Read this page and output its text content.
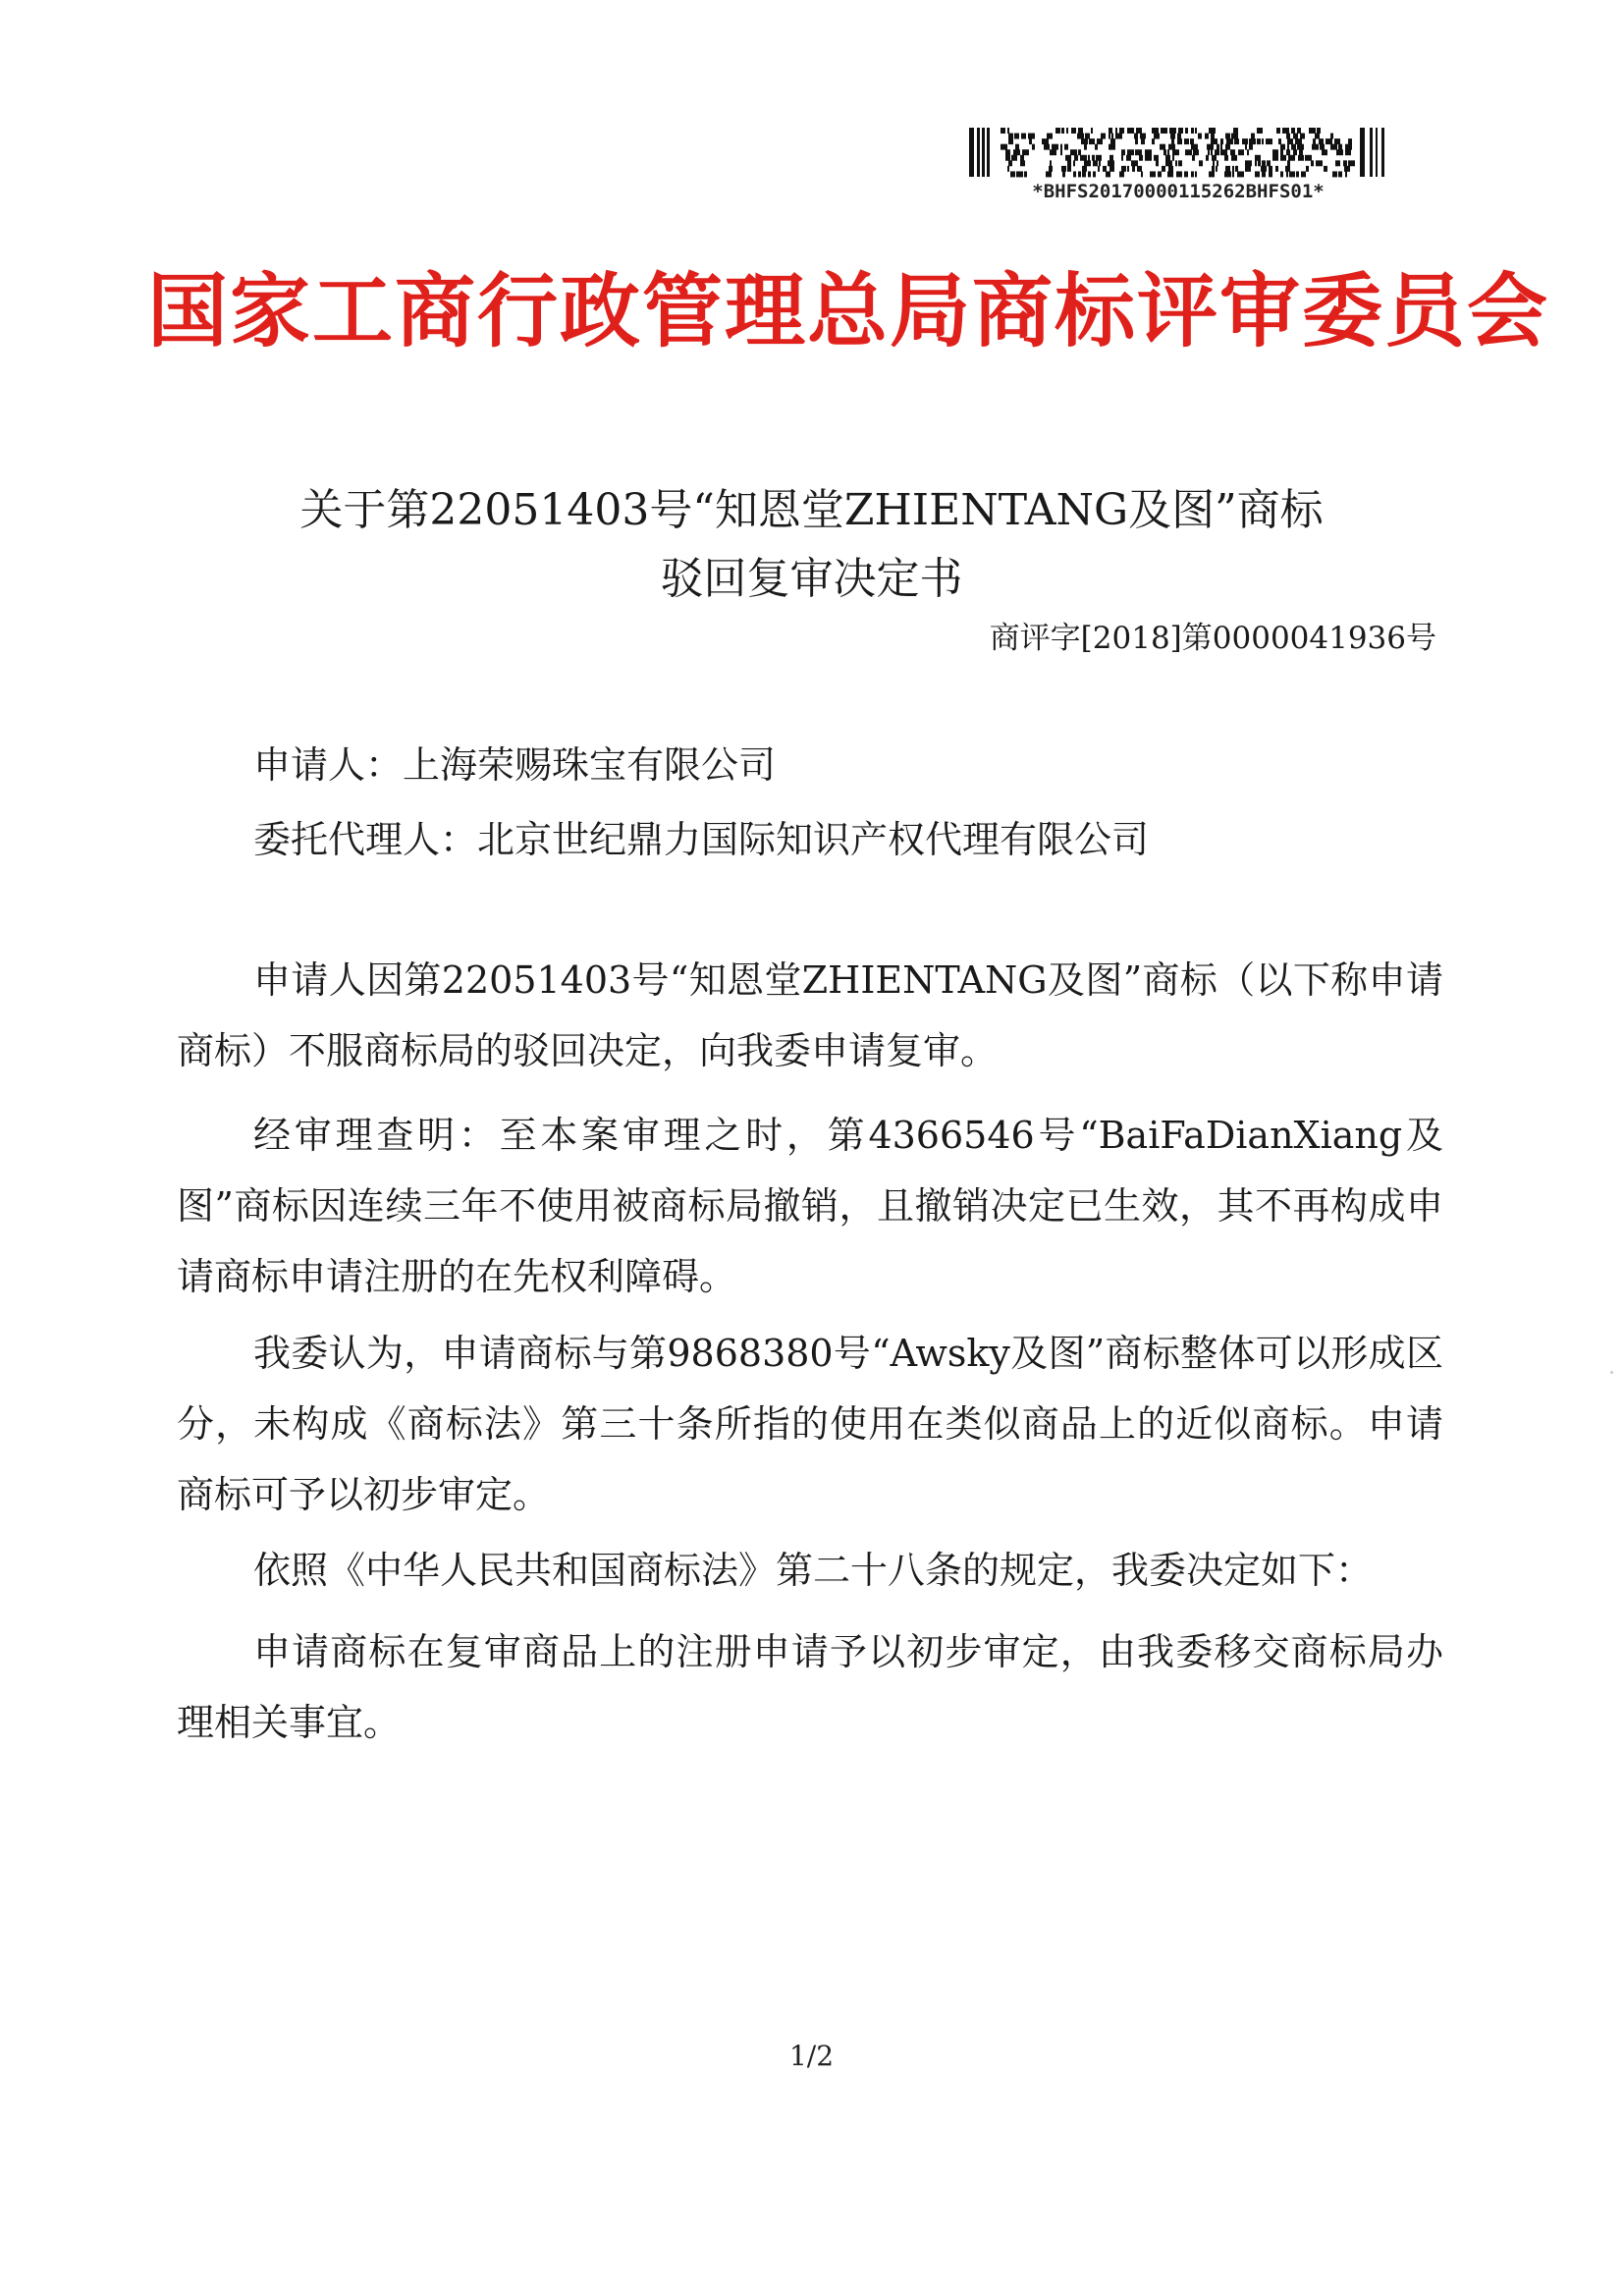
*BHFS20170000115262BHFS01*
国家工商行政管理总局商标评审委员会
关于第22051403号“知恩堂ZHIENTANG及图”商标
驳回复审决定书
商评字[2018]第0000041936号
申请人：上海荣赐珠宝有限公司
委托代理人：北京世纪鼎力国际知识产权代理有限公司
申请人因第22051403号“知恩堂ZHIENTANG及图”商标（以下称申请商标）不服商标局的驳回决定，向我委申请复审。
经审理查明：至本案审理之时，第4366546号“BaiFaDianXiang及图”商标因连续三年不使用被商标局撤销，且撤销决定已生效，其不再构成申请商标申请注册的在先权利障碍。
我委认为，申请商标与第9868380号“Awsky及图”商标整体可以形成区分，未构成《商标法》第三十条所指的使用在类似商品上的近似商标。申请商标可予以初步审定。
依照《中华人民共和国商标法》第二十八条的规定，我委决定如下：
申请商标在复审商品上的注册申请予以初步审定，由我委移交商标局办理相关事宜。
1/2
